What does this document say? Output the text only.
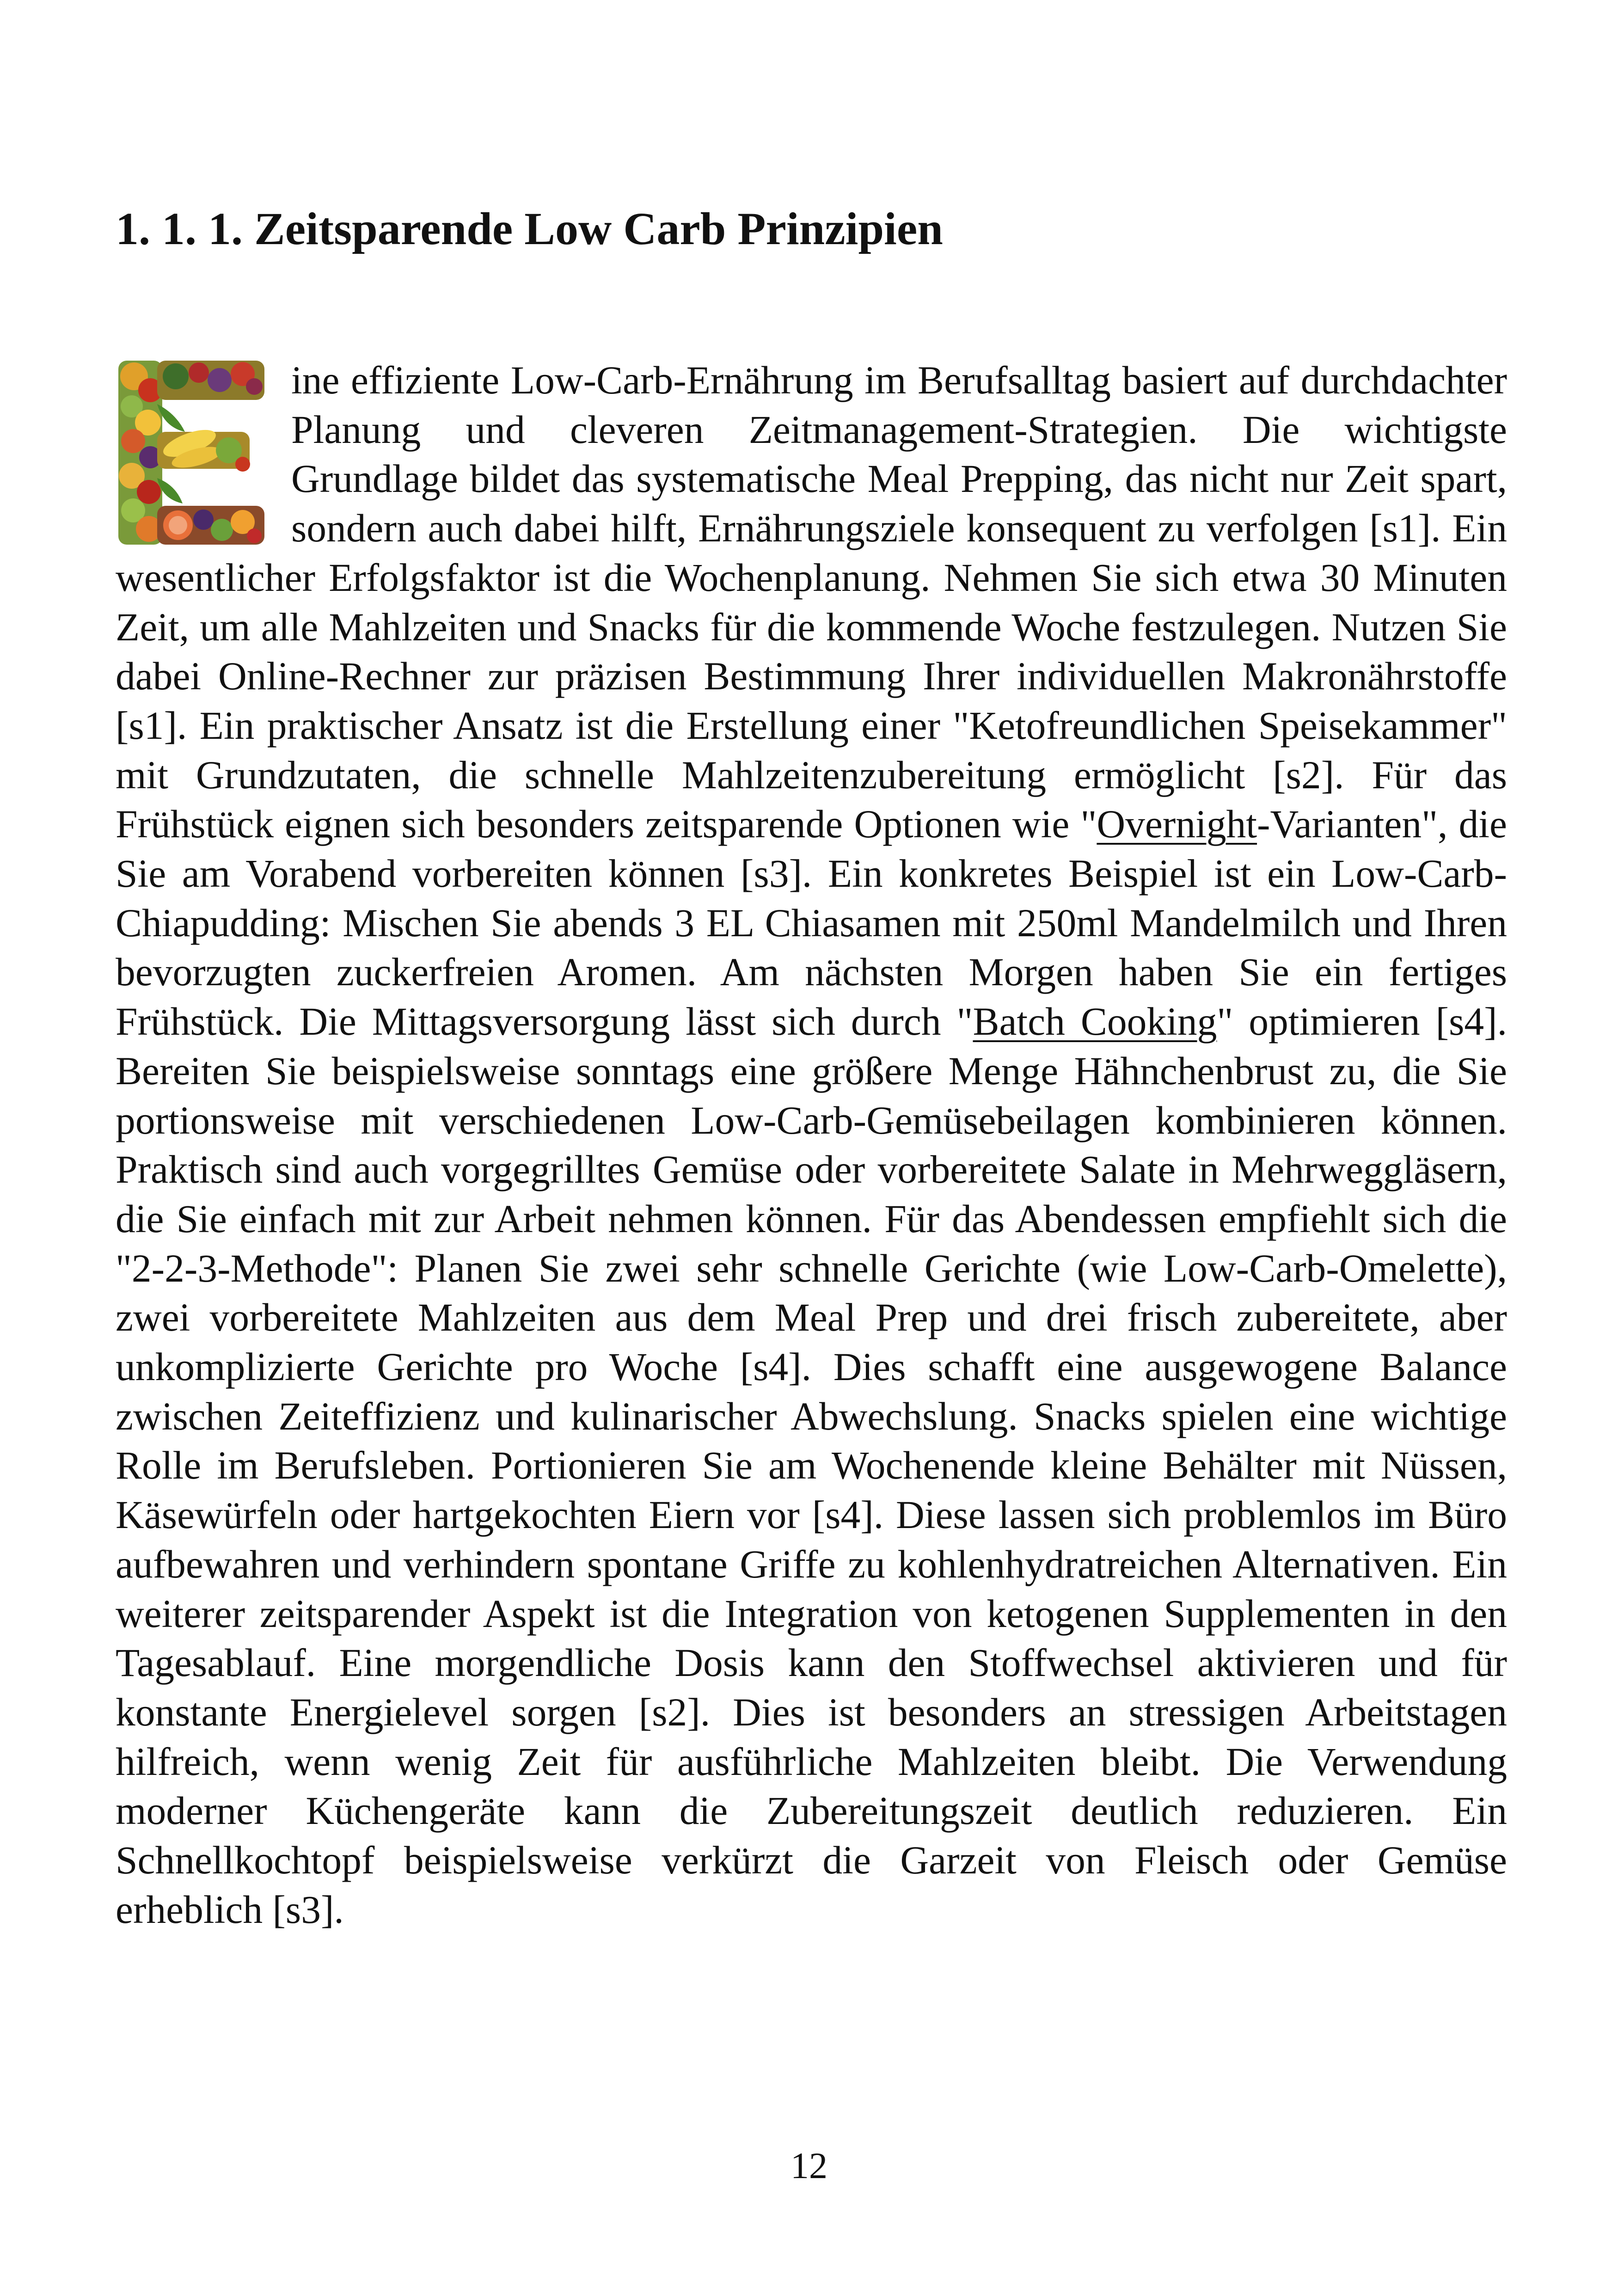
1. 1. 1. Zeitsparende Low Carb Prinzipien

ine effiziente Low-Carb-Ernährung im Berufsalltag basiert auf durchdachter Planung und cleveren Zeitmanagement-Strategien. Die wichtigste Grundlage bildet das systematische Meal Prepping, das nicht nur Zeit spart, sondern auch dabei hilft, Ernährungsziele konsequent zu verfolgen [s1]. Ein wesentlicher Erfolgsfaktor ist die Wochenplanung. Nehmen Sie sich etwa 30 Minuten Zeit, um alle Mahlzeiten und Snacks für die kommende Woche festzulegen. Nutzen Sie dabei Online-Rechner zur präzisen Bestimmung Ihrer individuellen Makronährstoffe [s1]. Ein praktischer Ansatz ist die Erstellung einer "Ketofreundlichen Speisekammer" mit Grundzutaten, die schnelle Mahlzeitenzubereitung ermöglicht [s2]. Für das Frühstück eignen sich besonders zeitsparende Optionen wie "Overnight-Varianten", die Sie am Vorabend vorbereiten können [s3]. Ein konkretes Beispiel ist ein Low-Carb-Chiapudding: Mischen Sie abends 3 EL Chiasamen mit 250ml Mandelmilch und Ihren bevorzugten zuckerfreien Aromen. Am nächsten Morgen haben Sie ein fertiges Frühstück. Die Mittagsversorgung lässt sich durch "Batch Cooking" optimieren [s4]. Bereiten Sie beispielsweise sonntags eine größere Menge Hähnchenbrust zu, die Sie portionsweise mit verschiedenen Low-Carb-Gemüsebeilagen kombinieren können. Praktisch sind auch vorgegrilltes Gemüse oder vorbereitete Salate in Mehrweggläsern, die Sie einfach mit zur Arbeit nehmen können. Für das Abendessen empfiehlt sich die "2-2-3-Methode": Planen Sie zwei sehr schnelle Gerichte (wie Low-Carb-Omelette), zwei vorbereitete Mahlzeiten aus dem Meal Prep und drei frisch zubereitete, aber unkomplizierte Gerichte pro Woche [s4]. Dies schafft eine ausgewogene Balance zwischen Zeiteffizienz und kulinarischer Abwechslung. Snacks spielen eine wichtige Rolle im Berufsleben. Portionieren Sie am Wochenende kleine Behälter mit Nüssen, Käsewürfeln oder hartgekochten Eiern vor [s4]. Diese lassen sich problemlos im Büro aufbewahren und verhindern spontane Griffe zu kohlenhydratreichen Alternativen. Ein weiterer zeitsparender Aspekt ist die Integration von ketogenen Supplementen in den Tagesablauf. Eine morgendliche Dosis kann den Stoffwechsel aktivieren und für konstante Energielevel sorgen [s2]. Dies ist besonders an stressigen Arbeitstagen hilfreich, wenn wenig Zeit für ausführliche Mahlzeiten bleibt. Die Verwendung moderner Küchengeräte kann die Zubereitungszeit deutlich reduzieren. Ein Schnellkochtopf beispielsweise verkürzt die Garzeit von Fleisch oder Gemüse erheblich [s3].

12
